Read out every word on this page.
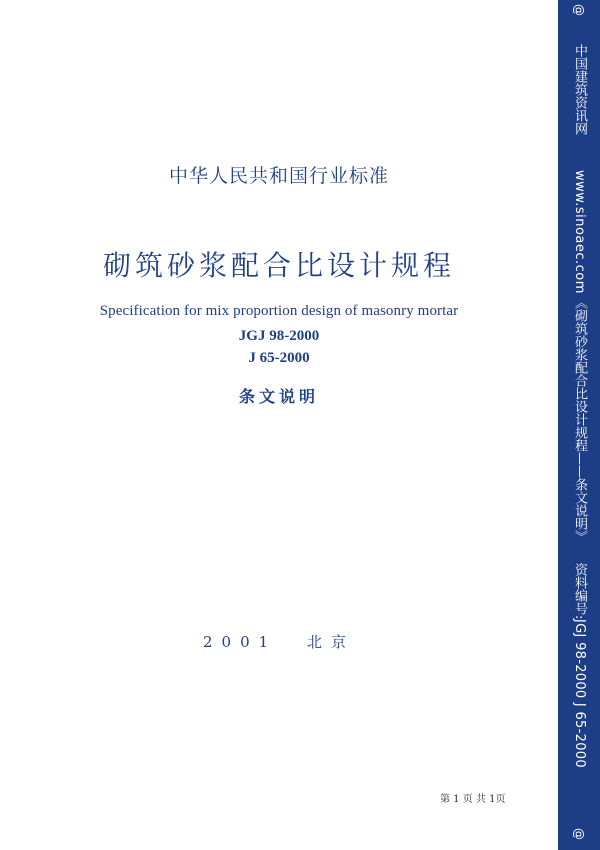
中华人民共和国行业标准
砌筑砂浆配合比设计规程
Specification for mix proportion design of masonry mortar
JGJ 98-2000
J 65-2000
条文说明
2001 北京
第 1 页 共 1页
@
中国建筑资讯网
www.sinoaec.com
《砌筑砂浆配合比设计规程——条文说明》
资料编号:
JGJ 98-2000 J 65-2000
@
